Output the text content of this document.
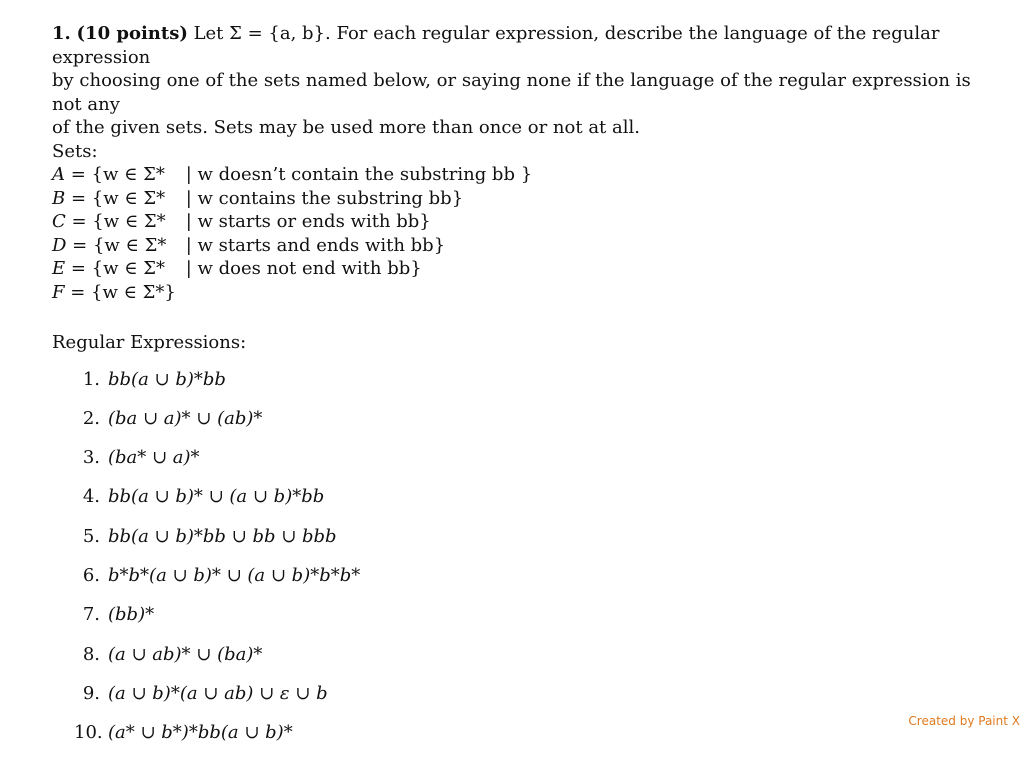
1. (10 points) Let Σ = {a, b}. For each regular expression, describe the language of the regular expression
by choosing one of the sets named below, or saying none if the language of the regular expression is not any
of the given sets. Sets may be used more than once or not at all.

Sets:

A = {w ∈ Σ* | w doesn’t contain the substring bb }
B = {w ∈ Σ* | w contains the substring bb}
C = {w ∈ Σ* | w starts or ends with bb}
D = {w ∈ Σ* | w starts and ends with bb}
E = {w ∈ Σ* | w does not end with bb}
F = {w ∈ Σ*}
Regular Expressions:
1. bb(a ∪ b)*bb
2. (ba ∪ a)* ∪ (ab)*
3. (ba* ∪ a)*
4. bb(a ∪ b)* ∪ (a ∪ b)*bb
5. bb(a ∪ b)*bb ∪ bb ∪ bbb
6. b*b*(a ∪ b)* ∪ (a ∪ b)*b*b*
7. (bb)*
8. (a ∪ ab)* ∪ (ba)*
9. (a ∪ b)*(a ∪ ab) ∪ ε ∪ b
10. (a* ∪ b*)*bb(a ∪ b)*
Created by Paint X
